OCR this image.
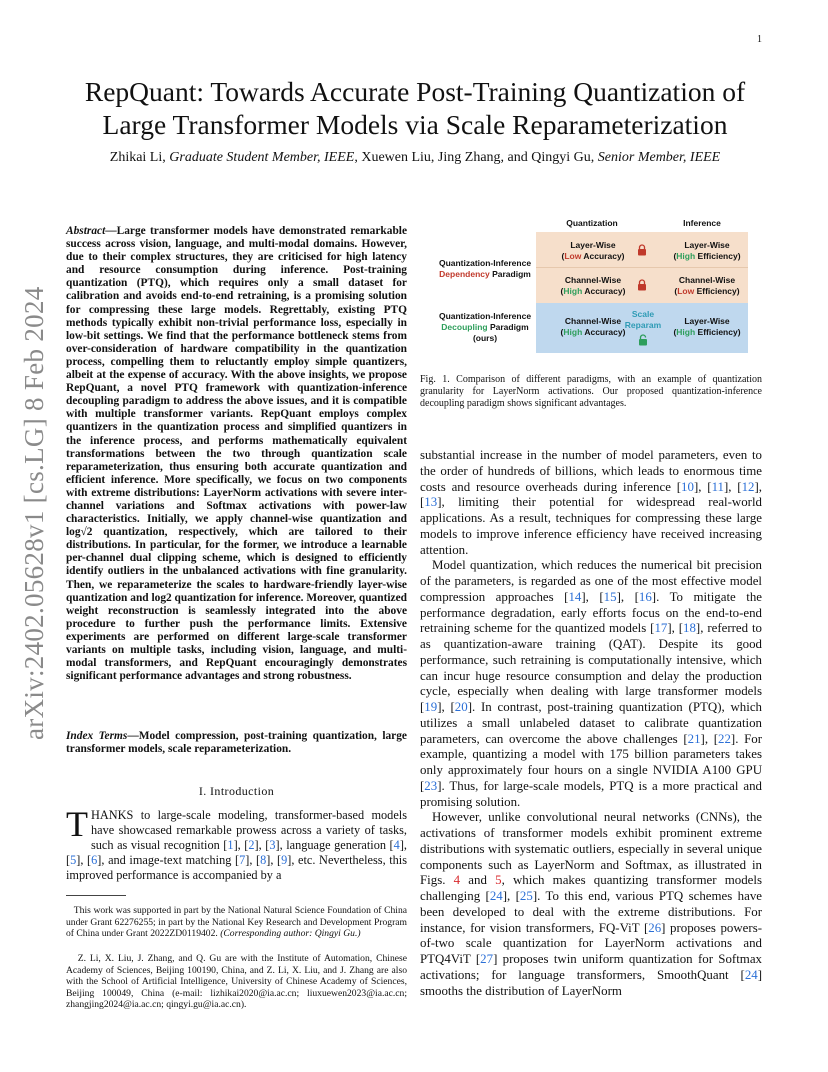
1
arXiv:2402.05628v1 [cs.LG] 8 Feb 2024
RepQuant: Towards Accurate Post-Training Quantization of
Large Transformer Models via Scale Reparameterization
Zhikai Li, Graduate Student Member, IEEE, Xuewen Liu, Jing Zhang, and Qingyi Gu, Senior Member, IEEE
Abstract—Large transformer models have demonstrated remarkable success across vision, language, and multi-modal domains. However, due to their complex structures, they are criticised for high latency and resource consumption during inference. Post-training quantization (PTQ), which requires only a small dataset for calibration and avoids end-to-end retraining, is a promising solution for compressing these large models. Regrettably, existing PTQ methods typically exhibit non-trivial performance loss, especially in low-bit settings. We find that the performance bottleneck stems from over-consideration of hardware compatibility in the quantization process, compelling them to reluctantly employ simple quantizers, albeit at the expense of accuracy. With the above insights, we propose RepQuant, a novel PTQ framework with quantization-inference decoupling paradigm to address the above issues, and it is compatible with multiple transformer variants. RepQuant employs complex quantizers in the quantization process and simplified quantizers in the inference process, and performs mathematically equivalent transformations between the two through quantization scale reparameterization, thus ensuring both accurate quantization and efficient inference. More specifically, we focus on two components with extreme distributions: LayerNorm activations with severe inter-channel variations and Softmax activations with power-law characteristics. Initially, we apply channel-wise quantization and log√2 quantization, respectively, which are tailored to their distributions. In particular, for the former, we introduce a learnable per-channel dual clipping scheme, which is designed to efficiently identify outliers in the unbalanced activations with fine granularity. Then, we reparameterize the scales to hardware-friendly layer-wise quantization and log2 quantization for inference. Moreover, quantized weight reconstruction is seamlessly integrated into the above procedure to further push the performance limits. Extensive experiments are performed on different large-scale transformer variants on multiple tasks, including vision, language, and multi-modal transformers, and RepQuant encouragingly demonstrates significant performance advantages and strong robustness.
Index Terms—Model compression, post-training quantization, large transformer models, scale reparameterization.
I. Introduction
THANKS to large-scale modeling, transformer-based models have showcased remarkable prowess across a variety of tasks, such as visual recognition [1], [2], [3], language generation [4], [5], [6], and image-text matching [7], [8], [9], etc. Nevertheless, this improved performance is accompanied by a
This work was supported in part by the National Natural Science Foundation of China under Grant 62276255; in part by the National Key Research and Development Program of China under Grant 2022ZD0119402. (Corresponding author: Qingyi Gu.)
Z. Li, X. Liu, J. Zhang, and Q. Gu are with the Institute of Automation, Chinese Academy of Sciences, Beijing 100190, China, and Z. Li, X. Liu, and J. Zhang are also with the School of Artificial Intelligence, University of Chinese Academy of Sciences, Beijing 100049, China (e-mail: lizhikai2020@ia.ac.cn; liuxuewen2023@ia.ac.cn; zhangjing2024@ia.ac.cn; qingyi.gu@ia.ac.cn).
Quantization	Inference
Quantization-Inference
Dependency Paradigm
Quantization-Inference
Decoupling Paradigm
(ours)
Layer-Wise
(Low Accuracy)
Layer-Wise
(High Efficiency)
Channel-Wise
(High Accuracy)
Channel-Wise
(Low Efficiency)
Channel-Wise
(High Accuracy)
Layer-Wise
(High Efficiency)
Scale
Reparam
Fig. 1. Comparison of different paradigms, with an example of quantization granularity for LayerNorm activations. Our proposed quantization-inference decoupling paradigm shows significant advantages.

substantial increase in the number of model parameters, even to the order of hundreds of billions, which leads to enormous time costs and resource overheads during inference [10], [11], [12], [13], limiting their potential for widespread real-world applications. As a result, techniques for compressing these large models to improve inference efficiency have received increasing attention.

Model quantization, which reduces the numerical bit precision of the parameters, is regarded as one of the most effective model compression approaches [14], [15], [16]. To mitigate the performance degradation, early efforts focus on the end-to-end retraining scheme for the quantized models [17], [18], referred to as quantization-aware training (QAT). Despite its good performance, such retraining is computationally intensive, which can incur huge resource consumption and delay the production cycle, especially when dealing with large transformer models [19], [20]. In contrast, post-training quantization (PTQ), which utilizes a small unlabeled dataset to calibrate quantization parameters, can overcome the above challenges [21], [22]. For example, quantizing a model with 175 billion parameters takes only approximately four hours on a single NVIDIA A100 GPU [23]. Thus, for large-scale models, PTQ is a more practical and promising solution.

However, unlike convolutional neural networks (CNNs), the activations of transformer models exhibit prominent extreme distributions with systematic outliers, especially in several unique components such as LayerNorm and Softmax, as illustrated in Figs. 4 and 5, which makes quantizing transformer models challenging [24], [25]. To this end, various PTQ schemes have been developed to deal with the extreme distributions. For instance, for vision transformers, FQ-ViT [26] proposes powers-of-two scale quantization for LayerNorm activations and PTQ4ViT [27] proposes twin uniform quantization for Softmax activations; for language transformers, SmoothQuant [24] smooths the distribution of LayerNorm
